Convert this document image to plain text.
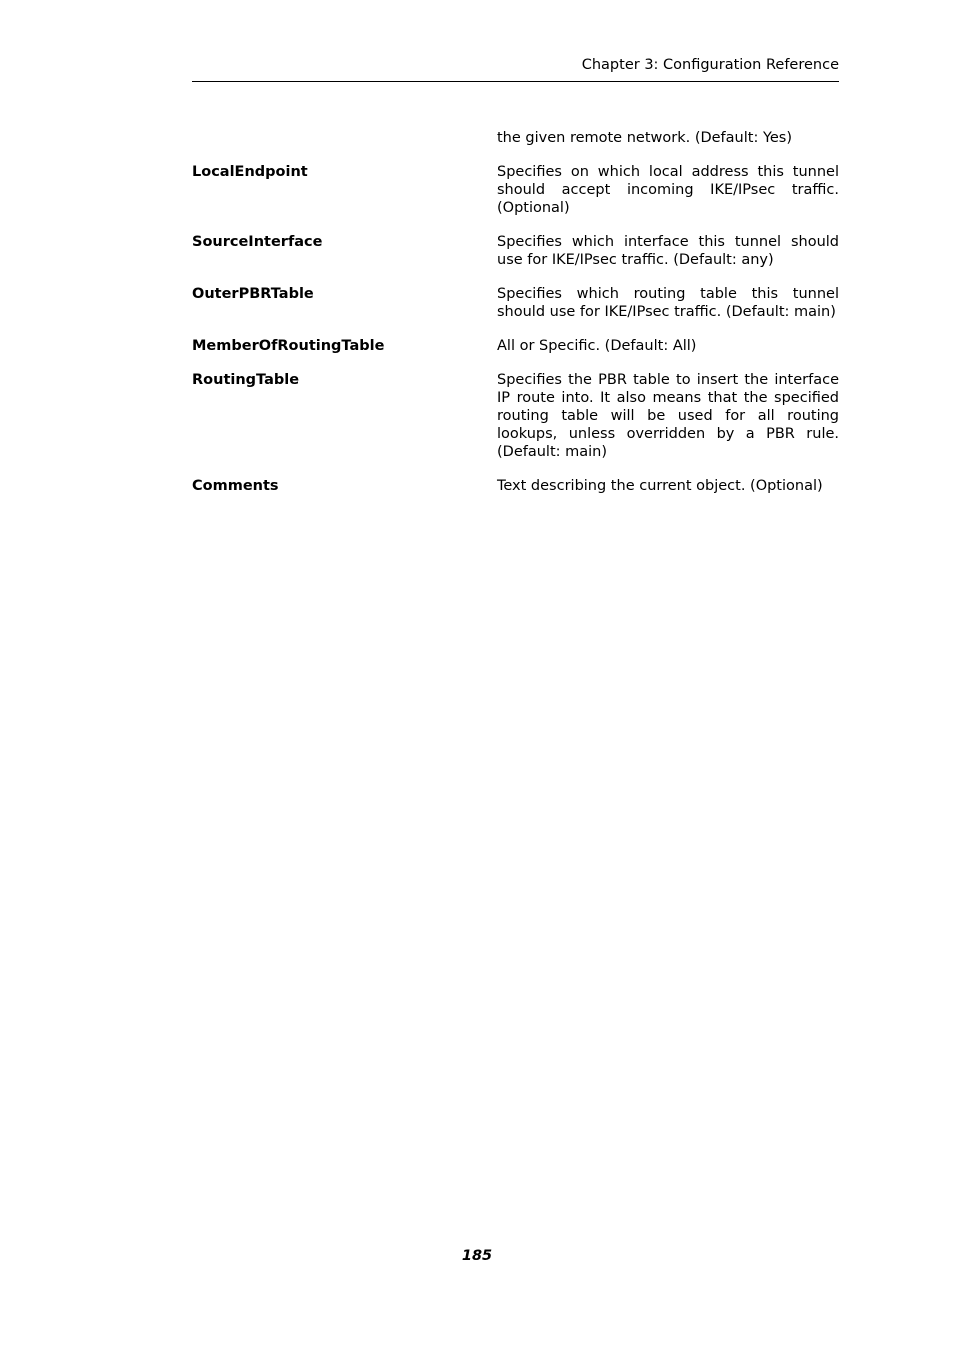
Chapter 3: Configuration Reference
the given remote network. (Default: Yes)
LocalEndpoint	Specifies on which local address this tunnel should accept incoming IKE/IPsec traffic. (Optional)
SourceInterface	Specifies which interface this tunnel should use for IKE/IPsec traffic. (Default: any)
OuterPBRTable	Specifies which routing table this tunnel should use for IKE/IPsec traffic. (Default: main)
MemberOfRoutingTable	All or Specific. (Default: All)
RoutingTable	Specifies the PBR table to insert the interface IP route into. It also means that the specified routing table will be used for all routing lookups, unless overridden by a PBR rule. (Default: main)
Comments	Text describing the current object. (Optional)
185
